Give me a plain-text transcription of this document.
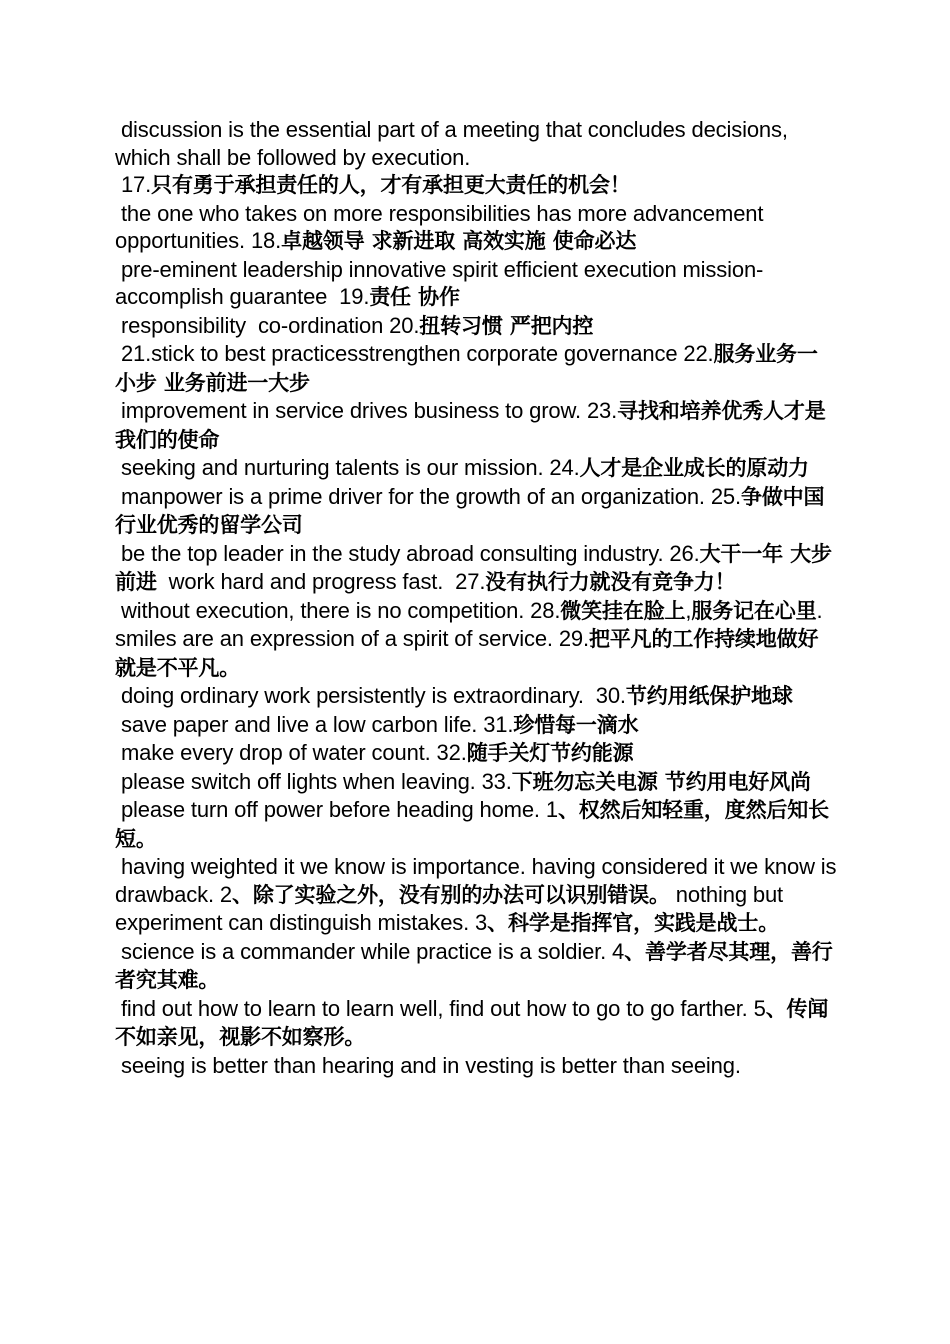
discussion is the essential part of a meeting that concludes decisions, which shall be followed by execution.

17.只有勇于承担责任的人，才有承担更大责任的机会！

the one who takes on more responsibilities has more advancement opportunities. 18.卓越领导 求新进取 高效实施 使命必达

pre-eminent leadership innovative spirit efficient execution mission-accomplish guarantee  19.责任 协作

responsibility  co-ordination 20.扭转习惯 严把内控

21.stick to best practicesstrengthen corporate governance 22.服务业务一小步 业务前进一大步

improvement in service drives business to grow. 23.寻找和培养优秀人才是我们的使命

seeking and nurturing talents is our mission. 24.人才是企业成长的原动力

manpower is a prime driver for the growth of an organization. 25.争做中国行业优秀的留学公司

be the top leader in the study abroad consulting industry. 26.大干一年 大步前进  work hard and progress fast.  27.没有执行力就没有竞争力！

without execution, there is no competition. 28.微笑挂在脸上,服务记在心里.

smiles are an expression of a spirit of service. 29.把平凡的工作持续地做好就是不平凡。

doing ordinary work persistently is extraordinary.  30.节约用纸保护地球

save paper and live a low carbon life. 31.珍惜每一滴水

make every drop of water count. 32.随手关灯节约能源

please switch off lights when leaving. 33.下班勿忘关电源 节约用电好风尚

please turn off power before heading home. 1、权然后知轻重，度然后知长短。

having weighted it we know is importance. having considered it we know is drawback. 2、除了实验之外，没有别的办法可以识别错误。 nothing but experiment can distinguish mistakes. 3、科学是指挥官，实践是战士。

science is a commander while practice is a soldier. 4、善学者尽其理，善行者究其难。

find out how to learn to learn well, find out how to go to go farther. 5、传闻不如亲见，视影不如察形。

seeing is better than hearing and in vesting is better than seeing.
